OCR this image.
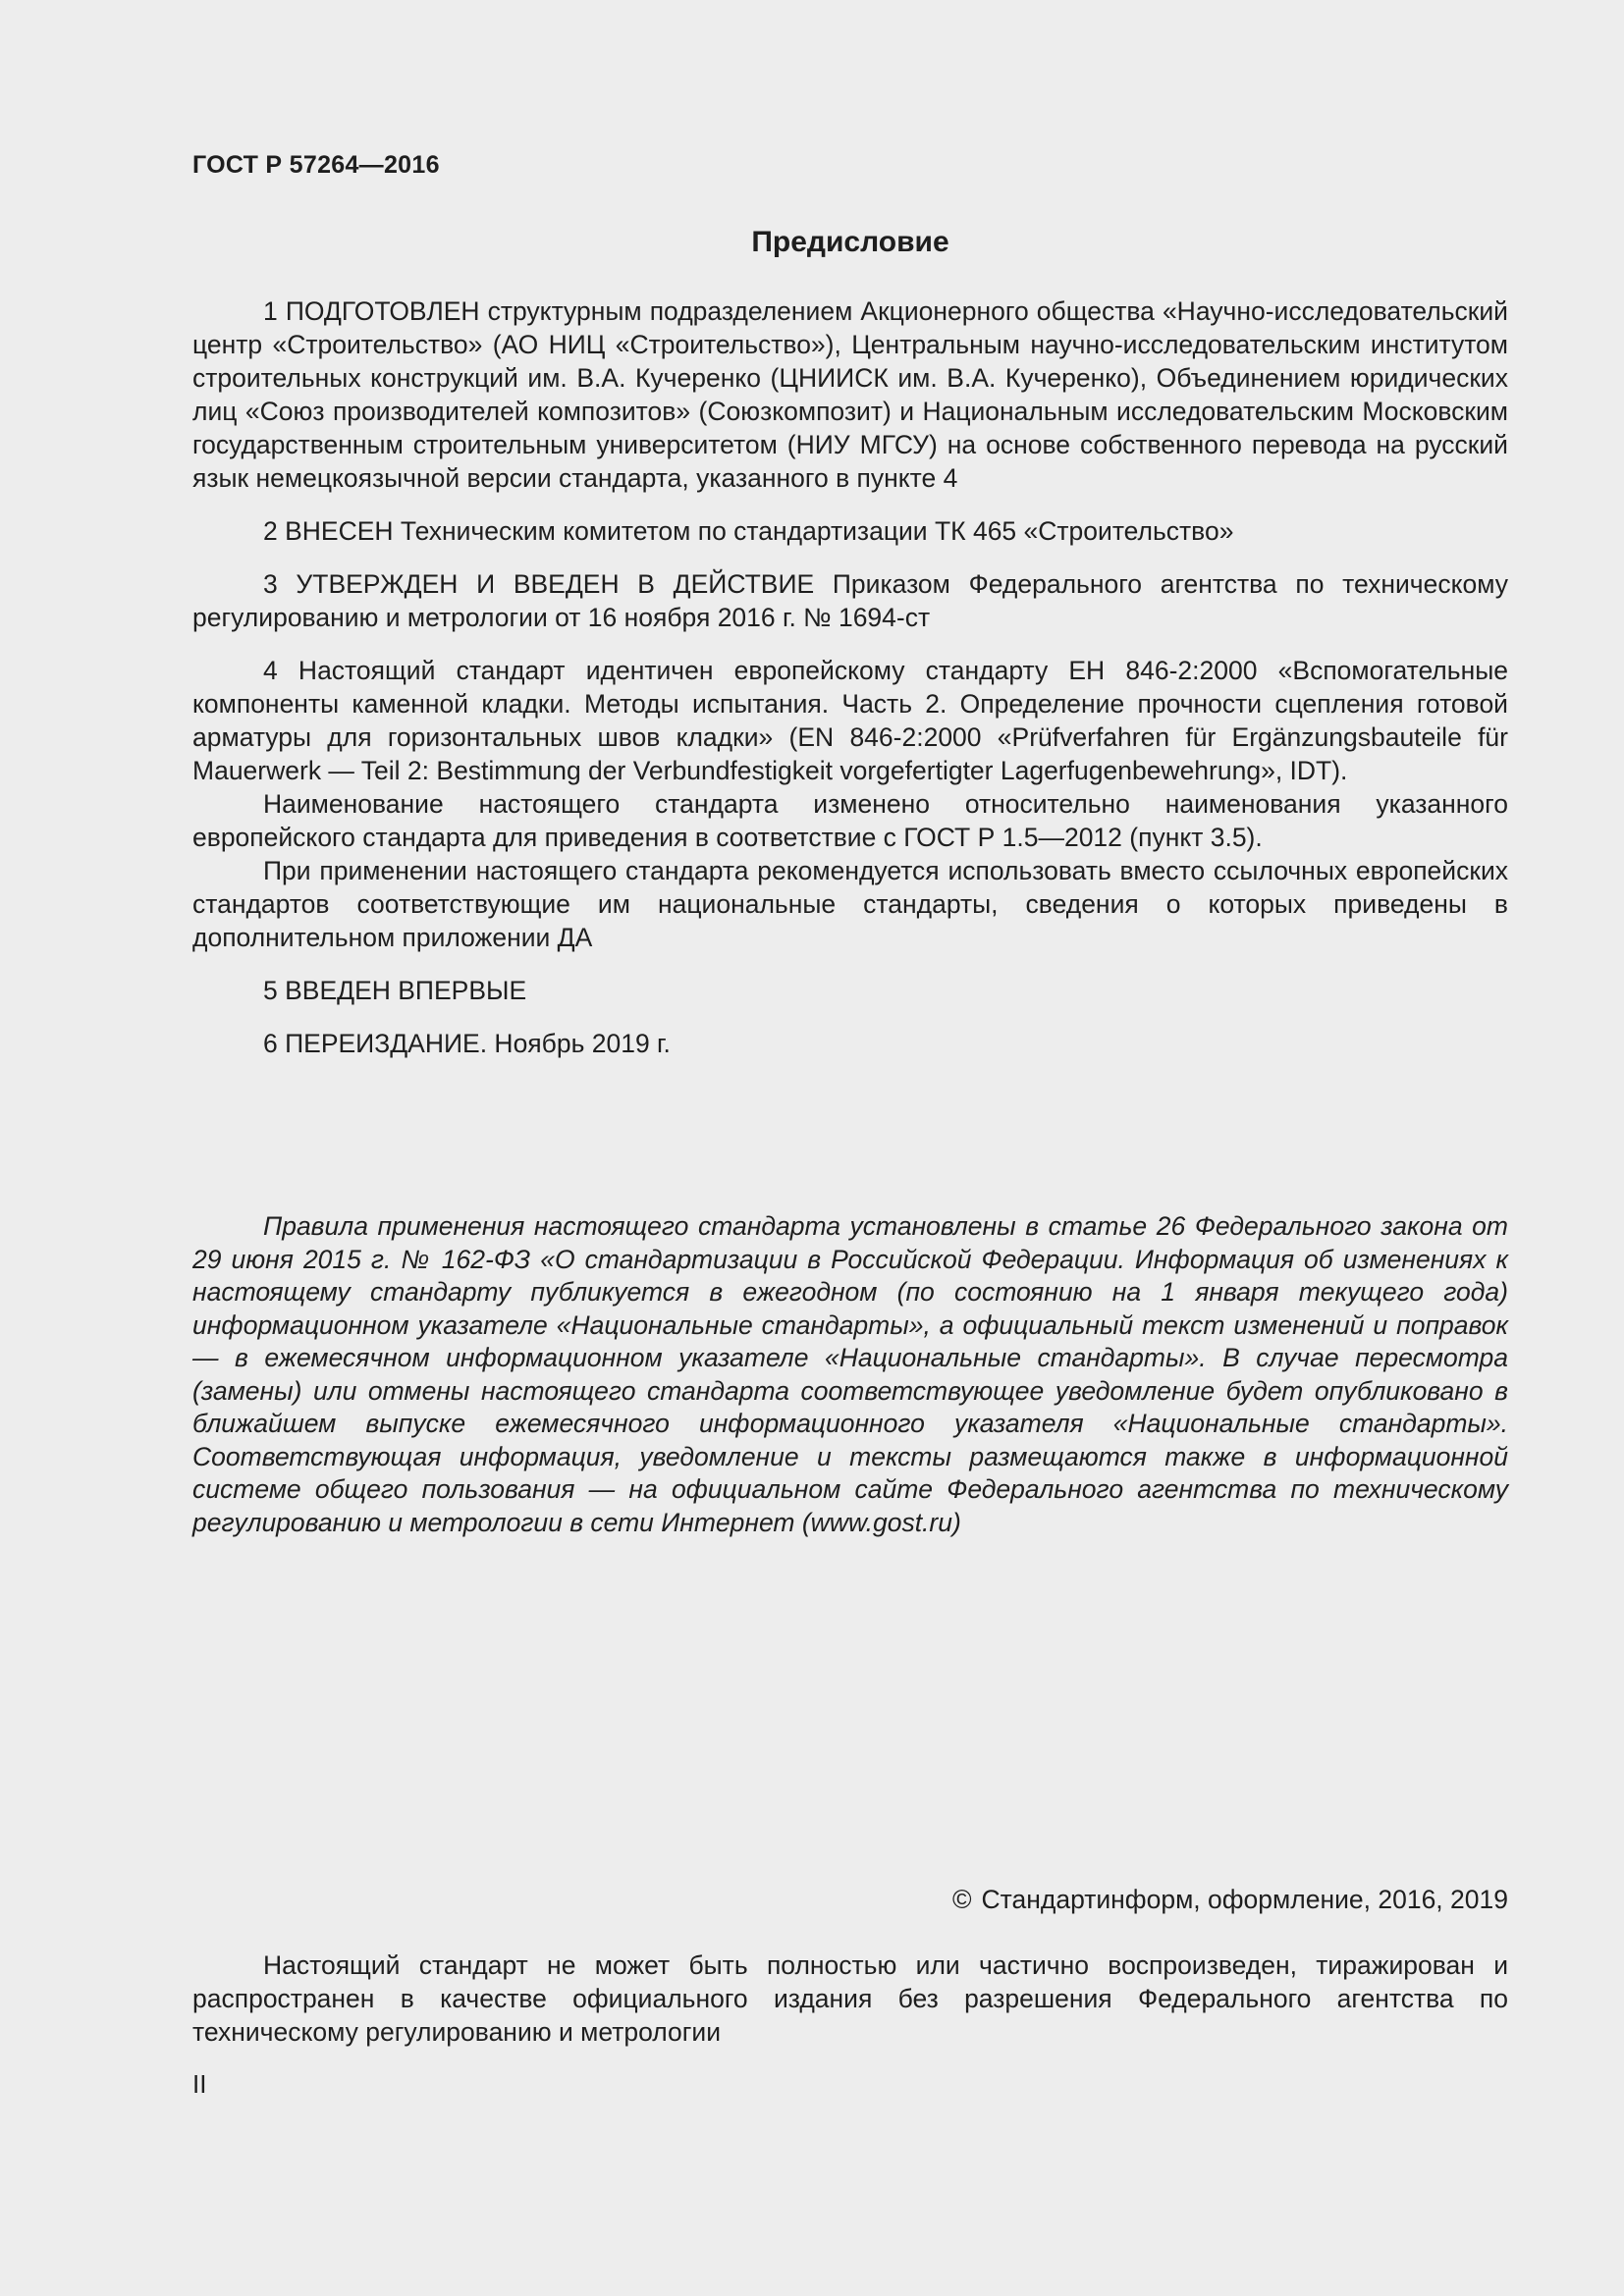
ГОСТ Р 57264—2016
Предисловие

1 ПОДГОТОВЛЕН структурным подразделением Акционерного общества «Научно-исследовательский центр «Строительство» (АО НИЦ «Строительство»), Центральным научно-исследовательским институтом строительных конструкций им. В.А. Кучеренко (ЦНИИСК им. В.А. Кучеренко), Объединением юридических лиц «Союз производителей композитов» (Союзкомпозит) и Национальным исследовательским Московским государственным строительным университетом (НИУ МГСУ) на основе собственного перевода на русский язык немецкоязычной версии стандарта, указанного в пункте 4

2 ВНЕСЕН Техническим комитетом по стандартизации ТК 465 «Строительство»

3 УТВЕРЖДЕН И ВВЕДЕН В ДЕЙСТВИЕ Приказом Федерального агентства по техническому регулированию и метрологии от 16 ноября 2016 г. № 1694-ст

4 Настоящий стандарт идентичен европейскому стандарту ЕН 846-2:2000 «Вспомогательные компоненты каменной кладки. Методы испытания. Часть 2. Определение прочности сцепления готовой арматуры для горизонтальных швов кладки» (EN 846-2:2000 «Prüfverfahren für Ergänzungsbauteile für Mauerwerk — Teil 2: Bestimmung der Verbundfestigkeit vorgefertigter Lagerfugenbewehrung», IDT).

Наименование настоящего стандарта изменено относительно наименования указанного европейского стандарта для приведения в соответствие с ГОСТ Р 1.5—2012 (пункт 3.5).

При применении настоящего стандарта рекомендуется использовать вместо ссылочных европейских стандартов соответствующие им национальные стандарты, сведения о которых приведены в дополнительном приложении ДА

5 ВВЕДЕН ВПЕРВЫЕ

6 ПЕРЕИЗДАНИЕ. Ноябрь 2019 г.

Правила применения настоящего стандарта установлены в статье 26 Федерального закона от 29 июня 2015 г. № 162-ФЗ «О стандартизации в Российской Федерации. Информация об изменениях к настоящему стандарту публикуется в ежегодном (по состоянию на 1 января текущего года) информационном указателе «Национальные стандарты», а официальный текст изменений и поправок — в ежемесячном информационном указателе «Национальные стандарты». В случае пересмотра (замены) или отмены настоящего стандарта соответствующее уведомление будет опубликовано в ближайшем выпуске ежемесячного информационного указателя «Национальные стандарты». Соответствующая информация, уведомление и тексты размещаются также в информационной системе общего пользования — на официальном сайте Федерального агентства по техническому регулированию и метрологии в сети Интернет (www.gost.ru)

© Стандартинформ, оформление, 2016, 2019

Настоящий стандарт не может быть полностью или частично воспроизведен, тиражирован и распространен в качестве официального издания без разрешения Федерального агентства по техническому регулированию и метрологии

II
